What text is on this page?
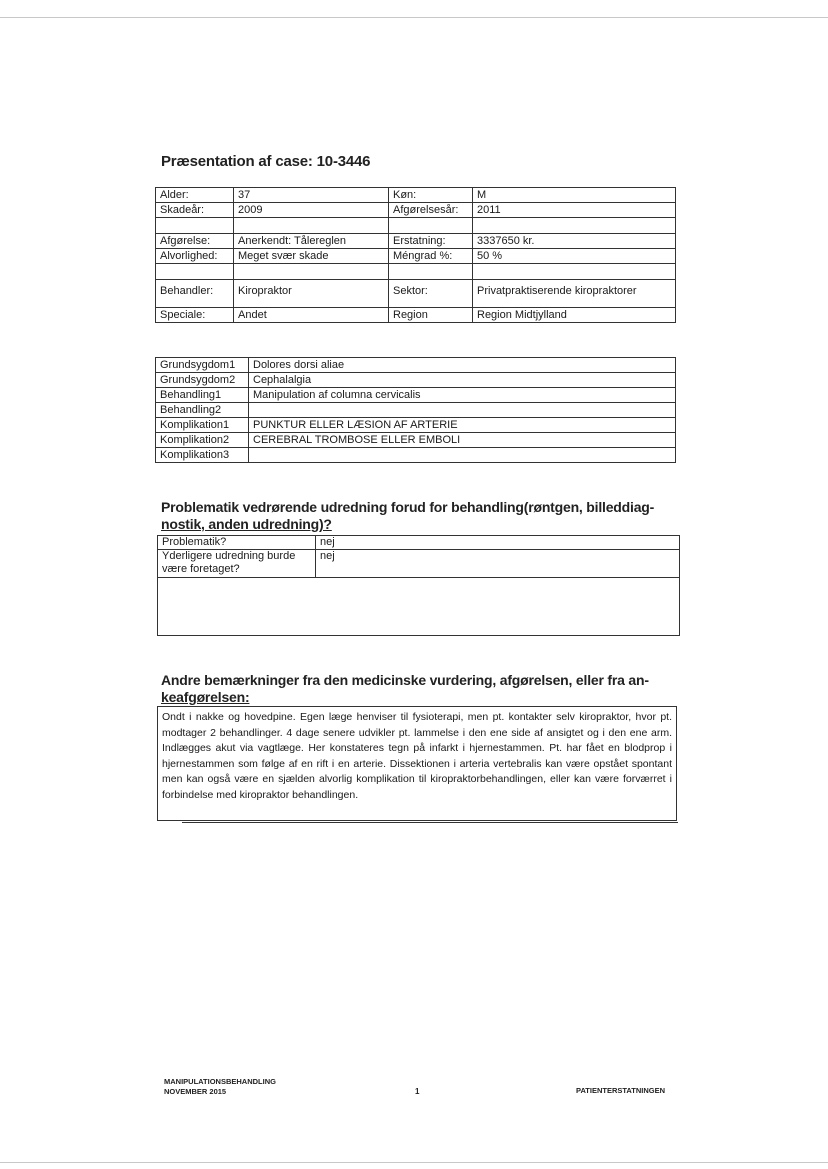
Præsentation af case: 10-3446
Alder:	37	Køn:	M
Skadeår:	2009	Afgørelsesår:	2011

Afgørelse:	Anerkendt: Tålereglen	Erstatning:	3337650 kr.
Alvorlighed:	Meget svær skade	Méngrad %:	50 %

Behandler:	Kiropraktor	Sektor:	Privatpraktiserende kiropraktorer
Speciale:	Andet	Region	Region Midtjylland
Grundsygdom1	Dolores dorsi aliae
Grundsygdom2	Cephalalgia
Behandling1	Manipulation af columna cervicalis
Behandling2	
Komplikation1	PUNKTUR ELLER LÆSION AF ARTERIE
Komplikation2	CEREBRAL TROMBOSE ELLER EMBOLI
Komplikation3	
Problematik vedrørende udredning forud for behandling(røntgen, billeddiag-
nostik, anden udredning)?
Problematik?	nej
Yderligere udredning burde være foretaget?	nej

Andre bemærkninger fra den medicinske vurdering, afgørelsen, eller fra an-
keafgørelsen:
Ondt i nakke og hovedpine. Egen læge henviser til fysioterapi, men pt. kontakter selv kiropraktor, hvor pt. modtager 2 behandlinger. 4 dage senere udvikler pt. lammelse i den ene side af ansigtet og i den ene arm. Indlægges akut via vagtlæge. Her konstateres tegn på infarkt i hjernestammen. Pt. har fået en blodprop i hjernestammen som følge af en rift i en arterie. Dissektionen i arteria vertebralis kan være opstået spontant men kan også være en sjælden alvorlig komplikation til kiropraktorbehandlingen, eller kan være forværret i forbindelse med kiropraktor behandlingen.
MANIPULATIONSBEHANDLING
NOVEMBER 2015	1	PATIENTERSTATNINGEN
